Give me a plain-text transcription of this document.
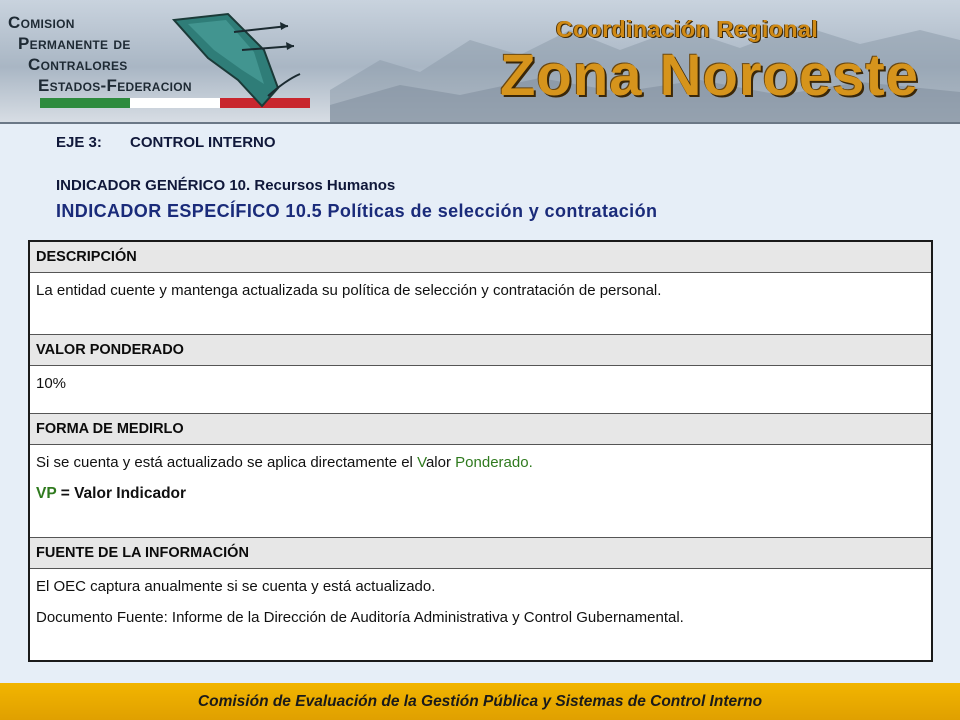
Comision
Permanente de
Contralores
Estados-Federacion
Coordinación Regional
Zona Noroeste
EJE 3: CONTROL INTERNO
INDICADOR GENÉRICO 10. Recursos Humanos
INDICADOR ESPECÍFICO 10.5 Políticas de selección y contratación
DESCRIPCIÓN

La entidad cuente y mantenga actualizada su política de selección y contratación de personal.

VALOR PONDERADO

10%

FORMA DE MEDIRLO

Si se cuenta y está actualizado se aplica directamente el Valor Ponderado.

VP = Valor Indicador

FUENTE DE LA INFORMACIÓN

El OEC captura anualmente si se cuenta y está actualizado.

Documento Fuente: Informe de la Dirección de Auditoría Administrativa y Control Gubernamental.

Comisión de Evaluación de la Gestión Pública y Sistemas de Control Interno
